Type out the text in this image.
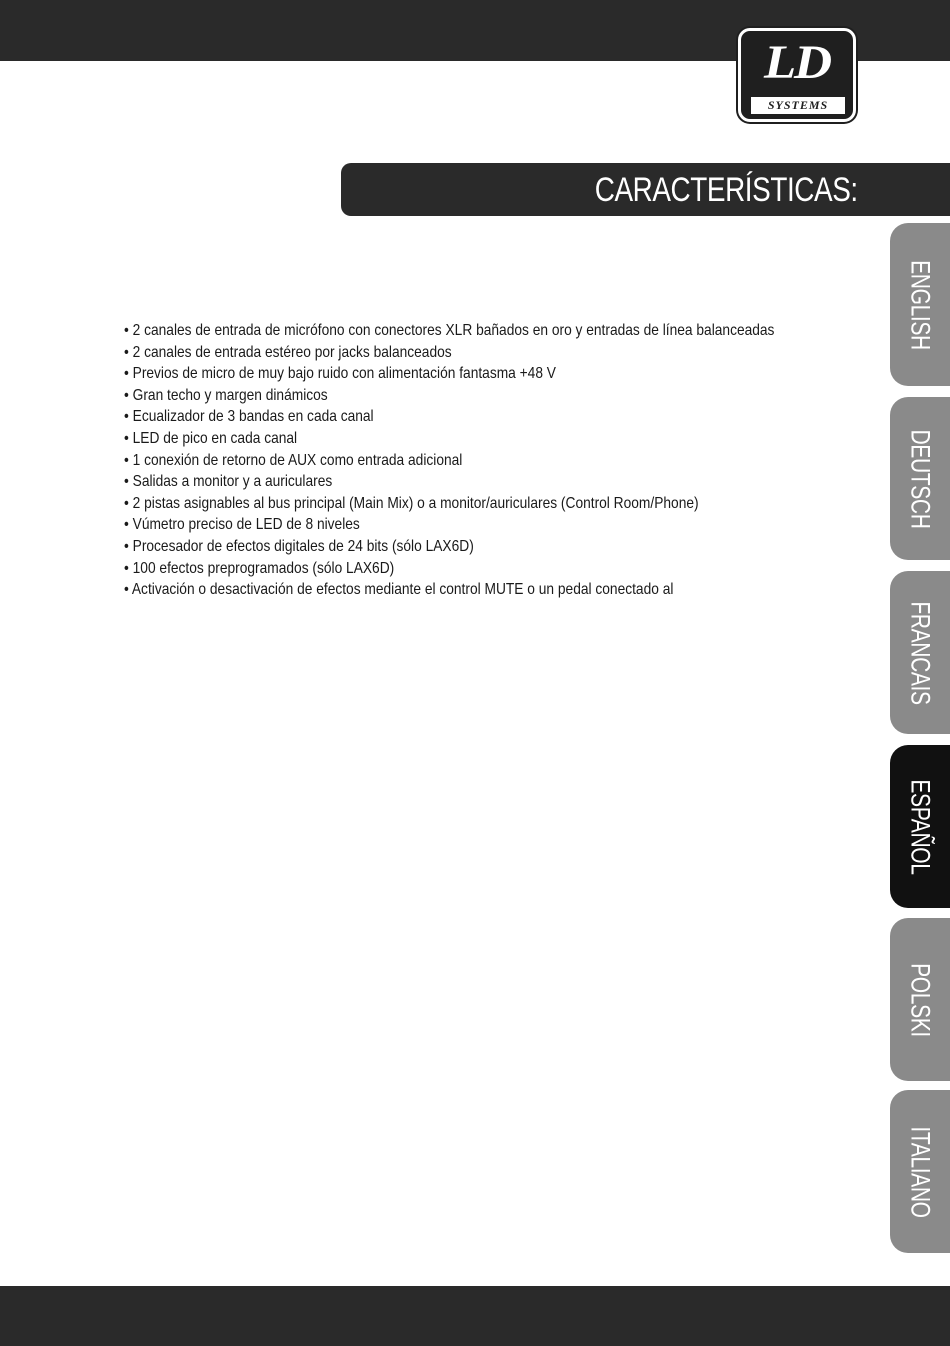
LD
SYSTEMS
CARACTERÍSTICAS:
• 2 canales de entrada de micrófono con conectores XLR bañados en oro y entradas de línea balanceadas
• 2 canales de entrada estéreo por jacks balanceados
• Previos de micro de muy bajo ruido con alimentación fantasma +48 V
• Gran techo y margen dinámicos
• Ecualizador de 3 bandas en cada canal
• LED de pico en cada canal
• 1 conexión de retorno de AUX como entrada adicional
• Salidas a monitor y a auriculares
• 2 pistas asignables al bus principal (Main Mix) o a monitor/auriculares (Control Room/Phone)
• Vúmetro preciso de LED de 8 niveles
• Procesador de efectos digitales de 24 bits (sólo LAX6D)
• 100 efectos preprogramados (sólo LAX6D)
• Activación o desactivación de efectos mediante el control MUTE o un pedal conectado al
ENGLISH
DEUTSCH
FRANCAIS
ESPAÑOL
POLSKI
ITALIANO
